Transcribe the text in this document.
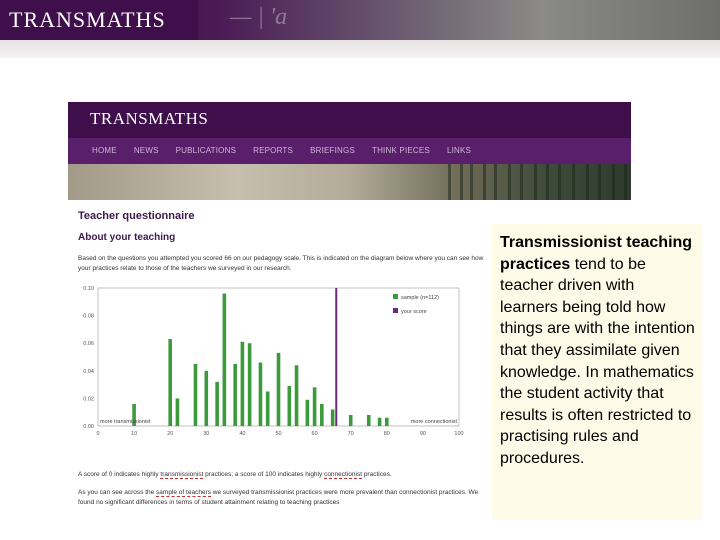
TRANSMATHS	— | 'a
TRANSMATHS
HOME NEWS PUBLICATIONS REPORTS BRIEFINGS THINK PIECES LINKS
Teacher questionnaire
About your teaching
Based on the questions you attempted you scored 66 on our pedagogy scale. This is indicated on the diagram below where you can see how your practices relate to those of the teachers we surveyed in our research.
0.00
0.02
0.04
0.06
0.08
0.10
0	10	20	30	40	50	60	70	80	90	100
more transmissionist	more connectionist
sample (n=112)
your score
A score of 0 indicates highly transmissionist practices; a score of 100 indicates highly connectionist practices.
As you can see across the sample of teachers we surveyed transmissionist practices were more prevalent than connectionist practices. We found no significant differences in terms of student attainment relating to teaching practices
Transmissionist teaching practices tend to be teacher driven with learners being told how things are with the intention that they assimilate given knowledge. In mathematics the student activity that results is often restricted to practising rules and procedures.
